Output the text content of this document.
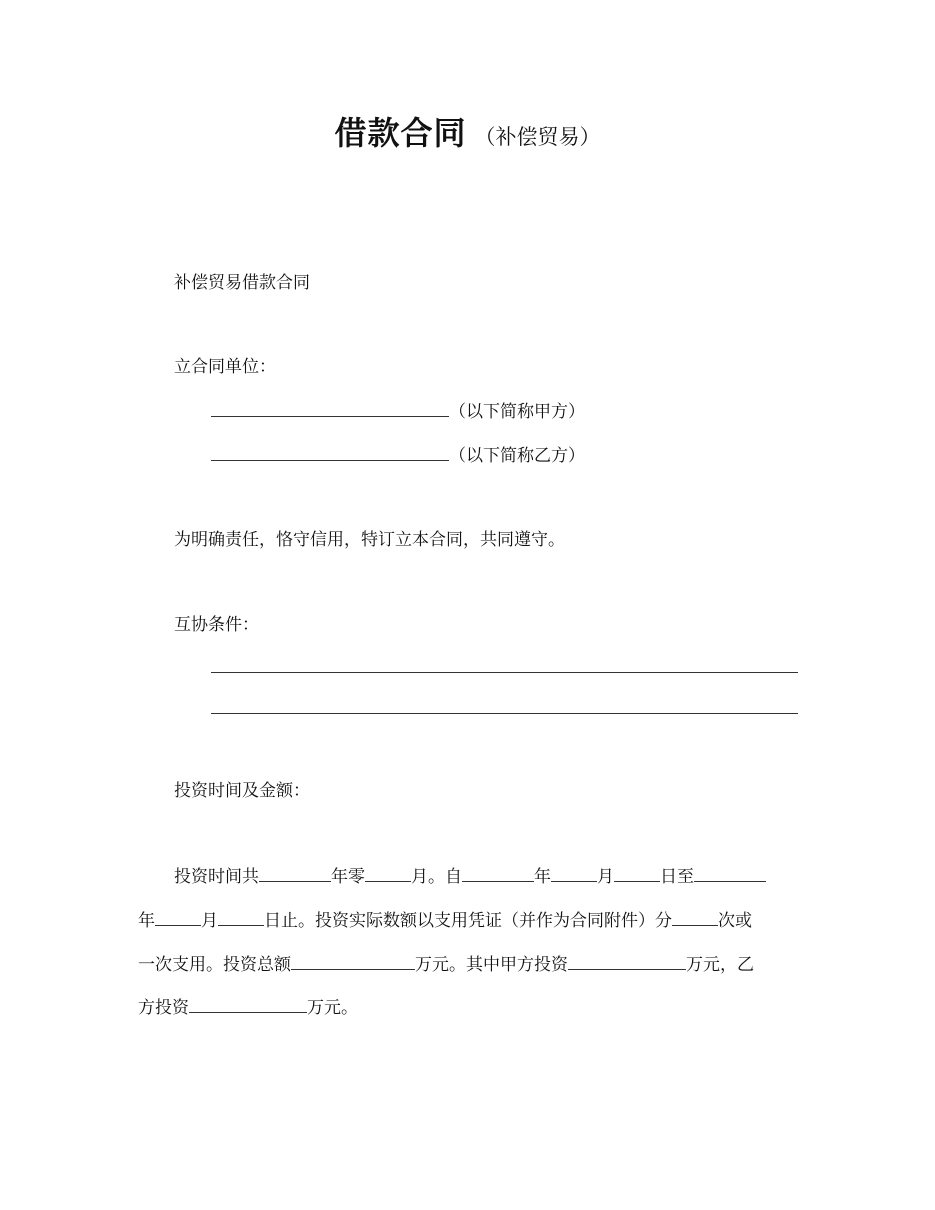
借款合同 （补偿贸易）
补偿贸易借款合同
立合同单位：
（以下简称甲方）
（以下简称乙方）
为明确责任，恪守信用，特订立本合同，共同遵守。
互协条件：
投资时间及金额：
投资时间共	年零	月。自	年	月	日至
年	月	日止。投资实际数额以支用凭证（并作为合同附件）分	次或
一次支用。投资总额	万元。其中甲方投资	万元，乙
方投资	万元。
